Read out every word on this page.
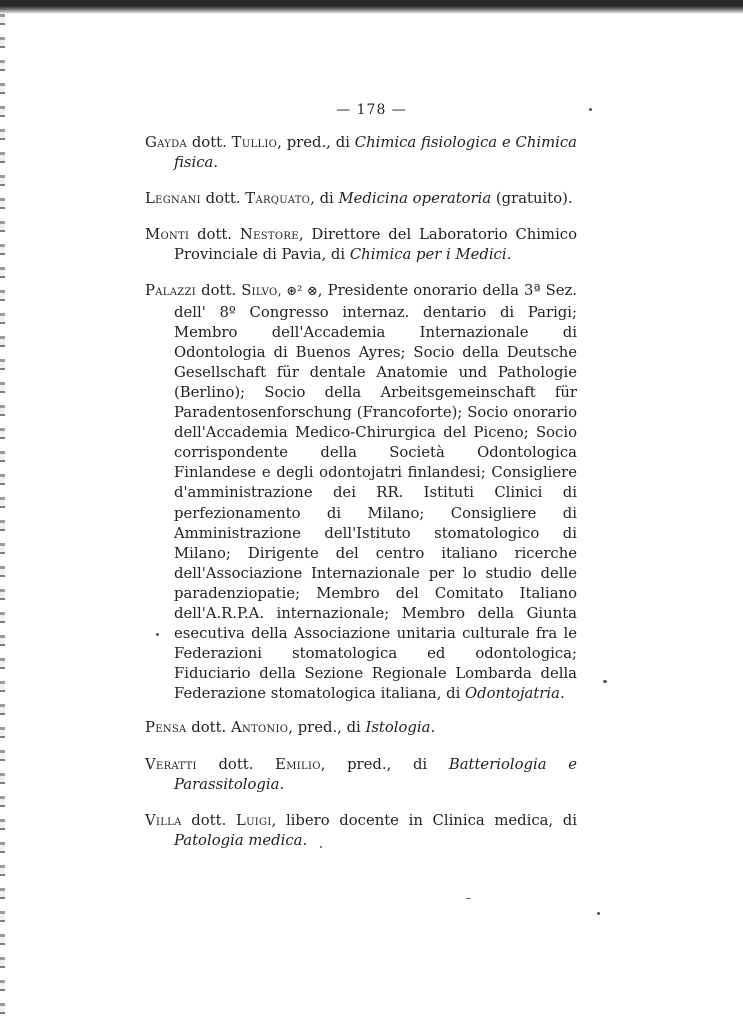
— 178 —

Gayda dott. Tullio, pred., di Chimica fisiologica e Chimica fisica.

Legnani dott. Tarquato, di Medicina operatoria (gratuito).

Monti dott. Nestore, Direttore del Laboratorio Chimico Provinciale di Pavia, di Chimica per i Medici.

Palazzi dott. Silvo, ⊛² ⊗, Presidente onorario della 3ª Sez. dell' 8º Congresso internaz. dentario di Parigi; Membro dell'Accademia Internazionale di Odontologia di Buenos Ayres; Socio della Deutsche Gesellschaft für dentale Anatomie und Pathologie (Berlino); Socio della Arbeitsgemeinschaft für Paradentosenforschung (Francoforte); Socio onorario dell'Accademia Medico-Chirurgica del Piceno; Socio corrispondente della Società Odontologica Finlandese e degli odontojatri finlandesi; Consigliere d'amministrazione dei RR. Istituti Clinici di perfezionamento di Milano; Consigliere di Amministrazione dell'Istituto stomatologico di Milano; Dirigente del centro italiano ricerche dell'Associazione Internazionale per lo studio delle paradenziopatie; Membro del Comitato Italiano dell'A.R.P.A. internazionale; Membro della Giunta esecutiva della Associazione unitaria culturale fra le Federazioni stomatologica ed odontologica; Fiduciario della Sezione Regionale Lombarda della Federazione stomatologica italiana, di Odontojatria.

Pensa dott. Antonio, pred., di Istologia.

Veratti dott. Emilio, pred., di Batteriologia e Parassitologia.

Villa dott. Luigi, libero docente in Clinica medica, di Patologia medica.
